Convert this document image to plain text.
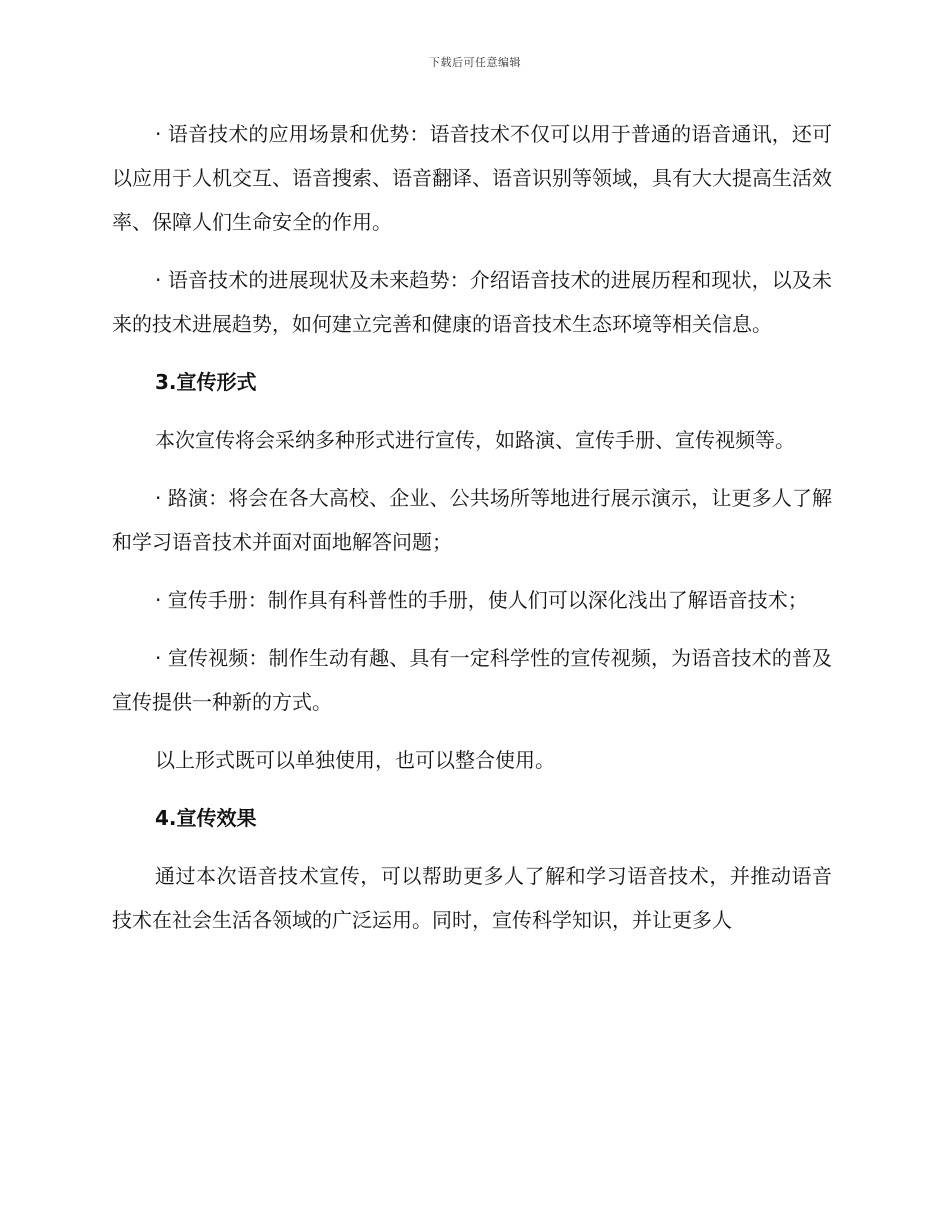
下载后可任意编辑

· 语音技术的应用场景和优势：语音技术不仅可以用于普通的语音通讯，还可以应用于人机交互、语音搜索、语音翻译、语音识别等领域，具有大大提高生活效率、保障人们生命安全的作用。

· 语音技术的进展现状及未来趋势：介绍语音技术的进展历程和现状，以及未来的技术进展趋势，如何建立完善和健康的语音技术生态环境等相关信息。

3.宣传形式

本次宣传将会采纳多种形式进行宣传，如路演、宣传手册、宣传视频等。

· 路演：将会在各大高校、企业、公共场所等地进行展示演示，让更多人了解和学习语音技术并面对面地解答问题；

· 宣传手册：制作具有科普性的手册，使人们可以深化浅出了解语音技术；

· 宣传视频：制作生动有趣、具有一定科学性的宣传视频，为语音技术的普及宣传提供一种新的方式。

以上形式既可以单独使用，也可以整合使用。

4.宣传效果

通过本次语音技术宣传，可以帮助更多人了解和学习语音技术，并推动语音技术在社会生活各领域的广泛运用。同时，宣传科学知识，并让更多人
